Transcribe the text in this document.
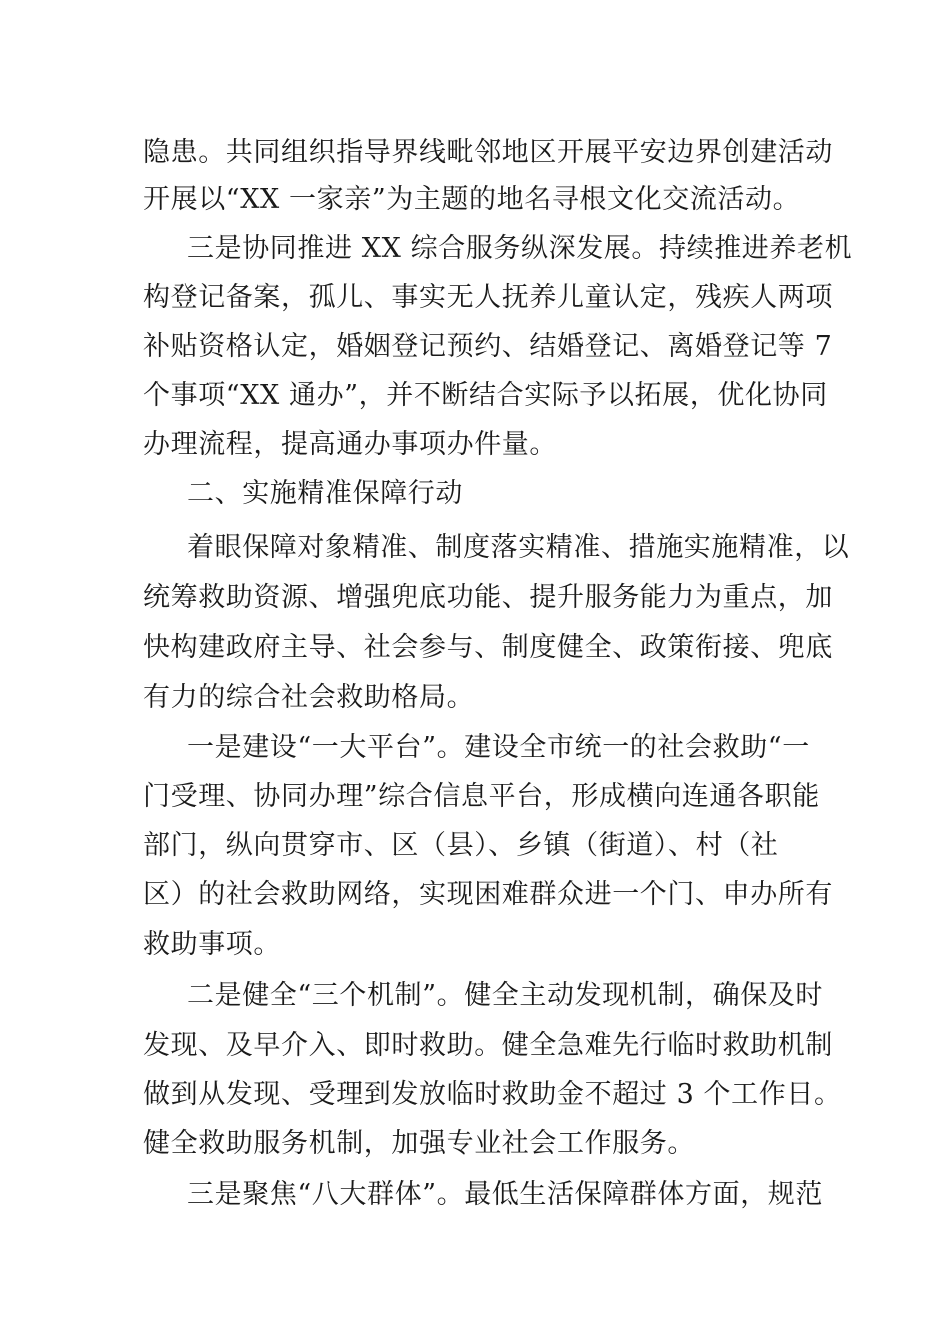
隐患。共同组织指导界线毗邻地区开展平安边界创建活动
开展以“XX 一家亲”为主题的地名寻根文化交流活动。
三是协同推进 XX 综合服务纵深发展。持续推进养老机
构登记备案，孤儿、事实无人抚养儿童认定，残疾人两项
补贴资格认定，婚姻登记预约、结婚登记、离婚登记等 7
个事项“XX 通办”，并不断结合实际予以拓展，优化协同
办理流程，提高通办事项办件量。
二、实施精准保障行动
着眼保障对象精准、制度落实精准、措施实施精准，以
统筹救助资源、增强兜底功能、提升服务能力为重点，加
快构建政府主导、社会参与、制度健全、政策衔接、兜底
有力的综合社会救助格局。
一是建设“一大平台”。建设全市统一的社会救助“一
门受理、协同办理”综合信息平台，形成横向连通各职能
部门，纵向贯穿市、区（县）、乡镇（街道）、村（社
区）的社会救助网络，实现困难群众进一个门、申办所有
救助事项。
二是健全“三个机制”。健全主动发现机制，确保及时
发现、及早介入、即时救助。健全急难先行临时救助机制
做到从发现、受理到发放临时救助金不超过 3 个工作日。
健全救助服务机制，加强专业社会工作服务。
三是聚焦“八大群体”。最低生活保障群体方面，规范
